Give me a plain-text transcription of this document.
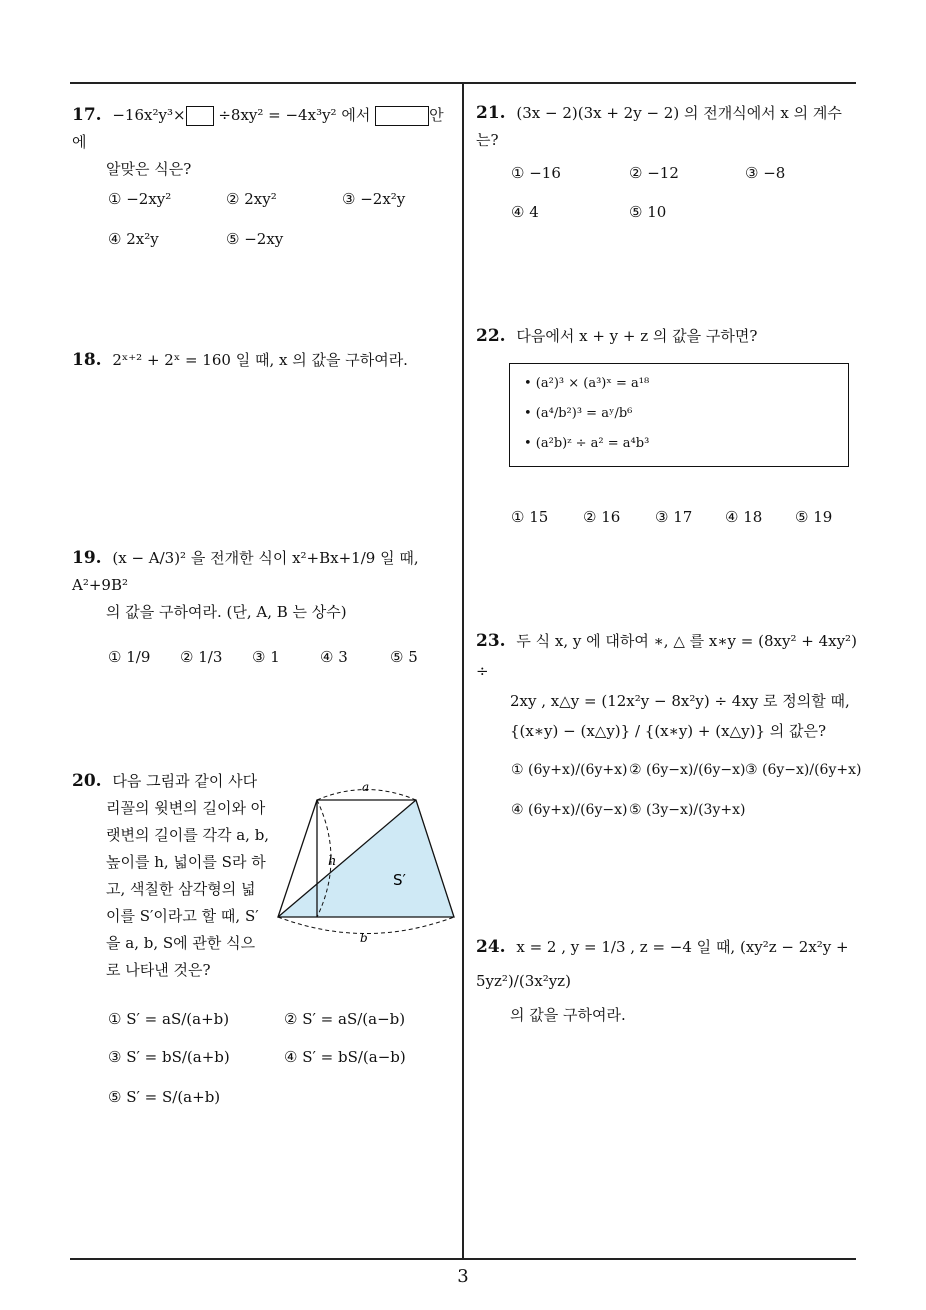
17. −16x²y³× ÷8xy² = −4x³y² 에서	안에
알맞은 식은?
① −2xy²	② 2xy²	③ −2x²y
④ 2x²y	⑤ −2xy
18. 2ˣ⁺² + 2ˣ = 160 일 때, x 의 값을 구하여라.
19. (x − A/3)² 을 전개한 식이 x²+Bx+1/9 일 때, A²+9B²
의 값을 구하여라. (단, A, B 는 상수)
① 1/9 ② 1/3 ③ 1	④ 3	⑤ 5
20. 다음 그림과 같이 사다
리꼴의 윗변의 길이와 아
랫변의 길이를 각각 a, b,
높이를 h, 넓이를 S라 하
고, 색칠한 삼각형의 넓
이를 S′이라고 할 때, S′
을 a, b, S에 관한 식으
로 나타낸 것은?
a
h
S′
b
① S′ = aS/(a+b)	② S′ = aS/(a−b)
③ S′ = bS/(a+b)	④ S′ = bS/(a−b)
⑤ S′ = S/(a+b)
21. (3x − 2)(3x + 2y − 2) 의 전개식에서 x 의 계수는?
① −16	② −12	③ −8
④ 4	⑤ 10
22. 다음에서 x + y + z 의 값을 구하면?
• (a²)³ × (a³)ˣ = a¹⁸
• (a⁴/b²)³ = aʸ/b⁶
• (a²b)ᶻ ÷ a² = a⁴b³
① 15 ② 16 ③ 17 ④ 18 ⑤ 19
23. 두 식 x, y 에 대하여 ∗, △ 를 x∗y = (8xy² + 4xy²) ÷
2xy , x△y = (12x²y − 8x²y) ÷ 4xy 로 정의할 때,
{(x∗y) − (x△y)} / {(x∗y) + (x△y)} 의 값은?
① (6y+x)/(6y+x) ② (6y−x)/(6y−x) ③ (6y−x)/(6y+x)
④ (6y+x)/(6y−x) ⑤ (3y−x)/(3y+x)
24. x = 2 , y = 1/3 , z = −4 일 때, (xy²z − 2x²y + 5yz²)/(3x²yz)
의 값을 구하여라.
3
